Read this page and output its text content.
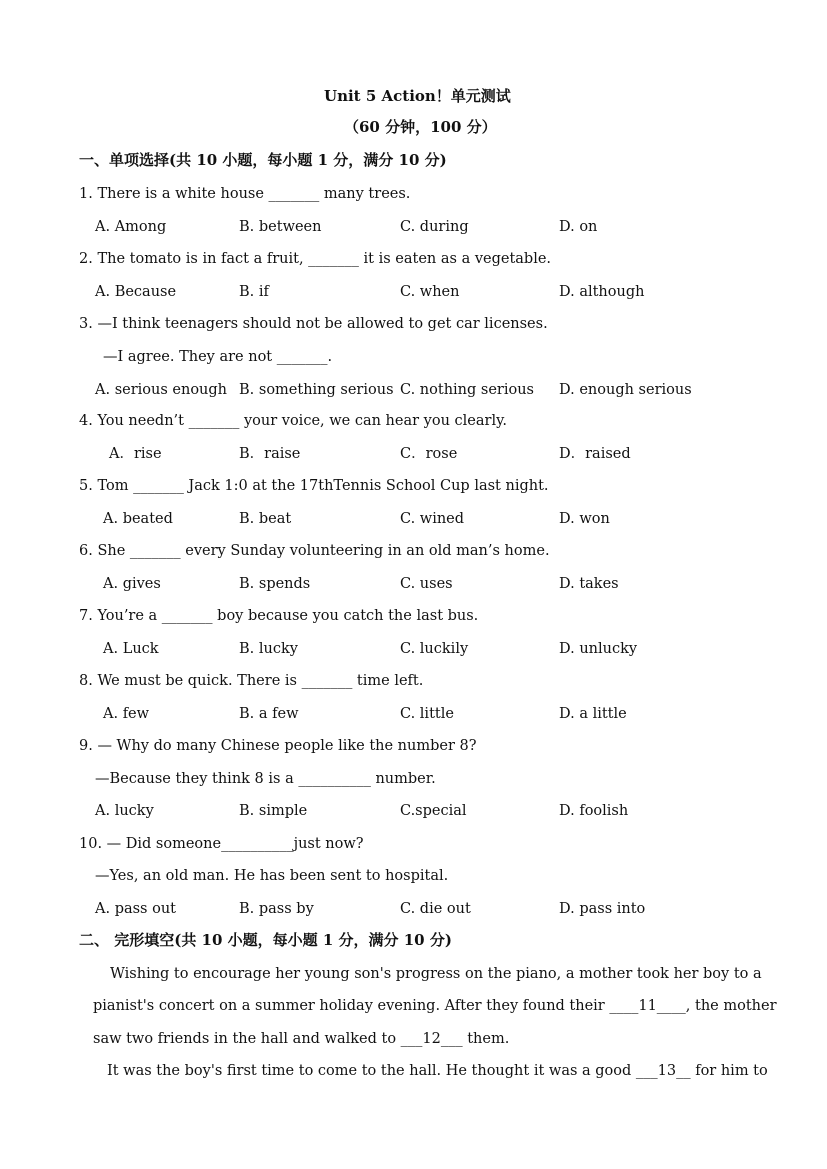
Unit 5 Action！单元测试
（60 分钟，100 分）
一、单项选择(共 10 小题，每小题 1 分，满分 10 分)
1. There is a white house _______ many trees.
A. Among	B. between	C. during	D. on
2. The tomato is in fact a fruit, _______ it is eaten as a vegetable.
A. Because	B. if	C. when	D. although
3. —I think teenagers should not be allowed to get car licenses.
—I agree. They are not _______.
A. serious enough B. something serious C. nothing serious D. enough serious
4. You needn’t _______ your voice, we can hear you clearly.
A．rise	B．raise	C．rose	D．raised
5. Tom _______ Jack 1:0 at the 17thTennis School Cup last night.
A. beated	B. beat	C. wined	D. won
6. She _______ every Sunday volunteering in an old man’s home.
A. gives	B. spends	C. uses	D. takes
7. You’re a _______ boy because you catch the last bus.
A. Luck	B. lucky	C. luckily	D. unlucky
8. We must be quick. There is _______ time left.
A. few	B. a few	C. little	D. a little
9. — Why do many Chinese people like the number 8?
—Because they think 8 is a __________ number.
A. lucky	B. simple	C.special	D. foolish
10. — Did someone__________just now?
—Yes, an old man. He has been sent to hospital.
A. pass out	B. pass by	C. die out	D. pass into
二、 完形填空(共 10 小题，每小题 1 分，满分 10 分)
Wishing to encourage her young son's progress on the piano, a mother took her boy to a
pianist's concert on a summer holiday evening. After they found their ____11____, the mother
saw two friends in the hall and walked to ___12___ them.
It was the boy's first time to come to the hall. He thought it was a good ___13__ for him to
